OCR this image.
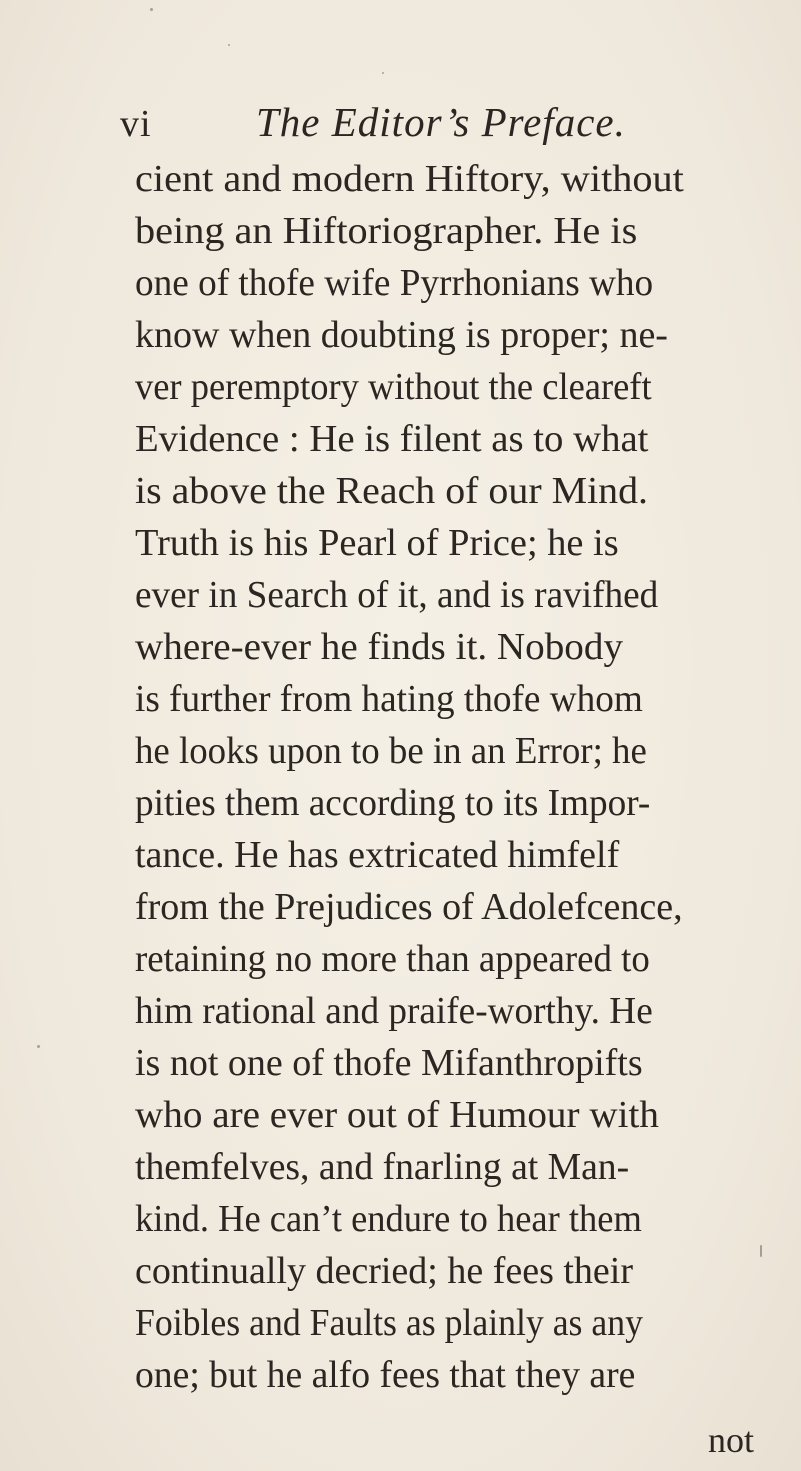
vi	The Editor’s Preface.
cient and modern Hiftory, without
being an Hiftoriographer. He is
one of thofe wife Pyrrhonians who
know when doubting is proper; ne-
ver peremptory without the cleareft
Evidence : He is filent as to what
is above the Reach of our Mind.
Truth is his Pearl of Price; he is
ever in Search of it, and is ravifhed
where-ever he finds it. Nobody
is further from hating thofe whom
he looks upon to be in an Error; he
pities them according to its Impor-
tance. He has extricated himfelf
from the Prejudices of Adolefcence,
retaining no more than appeared to
him rational and praife-worthy. He
is not one of thofe Mifanthropifts
who are ever out of Humour with
themfelves, and fnarling at Man-
kind. He can’t endure to hear them
continually decried; he fees their
Foibles and Faults as plainly as any
one; but he alfo fees that they are
not
